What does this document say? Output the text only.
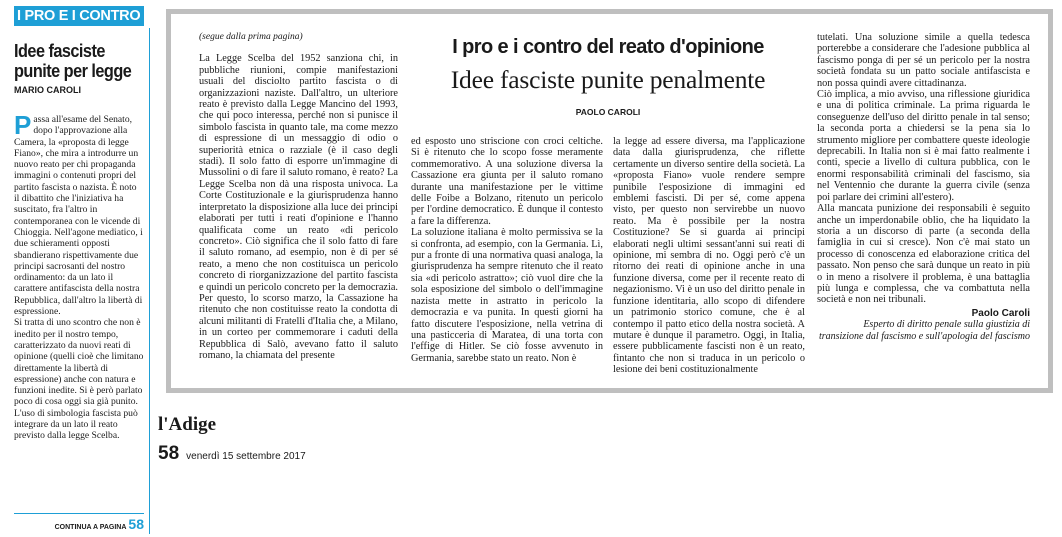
I PRO E I CONTRO
Idee fasciste
punite per legge
MARIO CAROLI

Passa all'esame del Senato, dopo l'approvazione alla Camera, la «proposta di legge Fiano», che mira a introdurre un nuovo reato per chi propaganda immagini o contenuti propri del partito fascista o nazista. È noto il dibattito che l'iniziativa ha suscitato, fra l'altro in contemporanea con le vicende di Chioggia. Nell'agone mediatico, i due schieramenti opposti sbandierano rispettivamente due principi sacrosanti del nostro ordinamento: da un lato il carattere antifascista della nostra Repubblica, dall'altro la libertà di espressione.

Si tratta di uno scontro che non è inedito per il nostro tempo, caratterizzato da nuovi reati di opinione (quelli cioè che limitano direttamente la libertà di espressione) anche con natura e funzioni inedite. Si è però parlato poco di cosa oggi sia già punito. L'uso di simbologia fascista può integrare da un lato il reato previsto dalla legge Scelba.

CONTINUA A PAGINA 58

(segue dalla prima pagina)

La Legge Scelba del 1952 sanziona chi, in pubbliche riunioni, compie manifestazioni usuali del disciolto partito fascista o di organizzazioni naziste. Dall'altro, un ulteriore reato è previsto dalla Legge Mancino del 1993, che qui poco interessa, perché non si punisce il simbolo fascista in quanto tale, ma come mezzo di espressione di un messaggio di odio o superiorità etnica o razziale (è il caso degli stadi). Il solo fatto di esporre un'immagine di Mussolini o di fare il saluto romano, è reato? La Legge Scelba non dà una risposta univoca. La Corte Costituzionale e la giurisprudenza hanno interpretato la disposizione alla luce dei principi elaborati per tutti i reati d'opinione e l'hanno qualificata come un reato «di pericolo concreto». Ciò significa che il solo fatto di fare il saluto romano, ad esempio, non è di per sé reato, a meno che non costituisca un pericolo concreto di riorganizzazione del partito fascista e quindi un pericolo concreto per la democrazia. Per questo, lo scorso marzo, la Cassazione ha ritenuto che non costituisse reato la condotta di alcuni militanti di Fratelli d'Italia che, a Milano, in un corteo per commemorare i caduti della Repubblica di Salò, avevano fatto il saluto romano, la chiamata del presente

I pro e i contro del reato d'opinione
Idee fasciste punite penalmente
PAOLO CAROLI

ed esposto uno striscione con croci celtiche. Si è ritenuto che lo scopo fosse meramente commemorativo. A una soluzione diversa la Cassazione era giunta per il saluto romano durante una manifestazione per le vittime delle Foibe a Bolzano, ritenuto un pericolo per l'ordine democratico. È dunque il contesto a fare la differenza.

La soluzione italiana è molto permissiva se la si confronta, ad esempio, con la Germania. Lì, pur a fronte di una normativa quasi analoga, la giurisprudenza ha sempre ritenuto che il reato sia «di pericolo astratto»; ciò vuol dire che la sola esposizione del simbolo o dell'immagine nazista mette in astratto in pericolo la democrazia e va punita. In questi giorni ha fatto discutere l'esposizione, nella vetrina di una pasticceria di Maratea, di una torta con l'effige di Hitler. Se ciò fosse avvenuto in Germania, sarebbe stato un reato. Non è

la legge ad essere diversa, ma l'applicazione data dalla giurisprudenza, che riflette certamente un diverso sentire della società. La «proposta Fiano» vuole rendere sempre punibile l'esposizione di immagini ed emblemi fascisti. Di per sé, come appena visto, per questo non servirebbe un nuovo reato. Ma è possibile per la nostra Costituzione? Se si guarda ai principi elaborati negli ultimi sessant'anni sui reati di opinione, mi sembra di no. Oggi però c'è un ritorno dei reati di opinione anche in una funzione diversa, come per il recente reato di negazionismo. Vi è un uso del diritto penale in funzione identitaria, allo scopo di difendere un patrimonio storico comune, che è al contempo il patto etico della nostra società. A mutare è dunque il parametro. Oggi, in Italia, essere pubblicamente fascisti non è un reato, fintanto che non si traduca in un pericolo o lesione dei beni costituzionalmente

tutelati. Una soluzione simile a quella tedesca porterebbe a considerare che l'adesione pubblica al fascismo ponga di per sé un pericolo per la nostra società fondata su un patto sociale antifascista e non possa quindi avere cittadinanza.

Ciò implica, a mio avviso, una riflessione giuridica e una di politica criminale. La prima riguarda le conseguenze dell'uso del diritto penale in tal senso; la seconda porta a chiedersi se la pena sia lo strumento migliore per combattere queste ideologie deprecabili. In Italia non si è mai fatto realmente i conti, specie a livello di cultura pubblica, con le enormi responsabilità criminali del fascismo, sia nel Ventennio che durante la guerra civile (senza poi parlare dei crimini all'estero).

Alla mancata punizione dei responsabili è seguito anche un imperdonabile oblio, che ha liquidato la storia a un discorso di parte (a seconda della famiglia in cui si cresce). Non c'è mai stato un processo di conoscenza ed elaborazione critica del passato. Non penso che sarà dunque un reato in più o in meno a risolvere il problema, è una battaglia più lunga e complessa, che va combattuta nella società e non nei tribunali.

Paolo Caroli
Esperto di diritto penale sulla giustizia di transizione dal fascismo e sull'apologia del fascismo
l'Adige
58 venerdì 15 settembre 2017
